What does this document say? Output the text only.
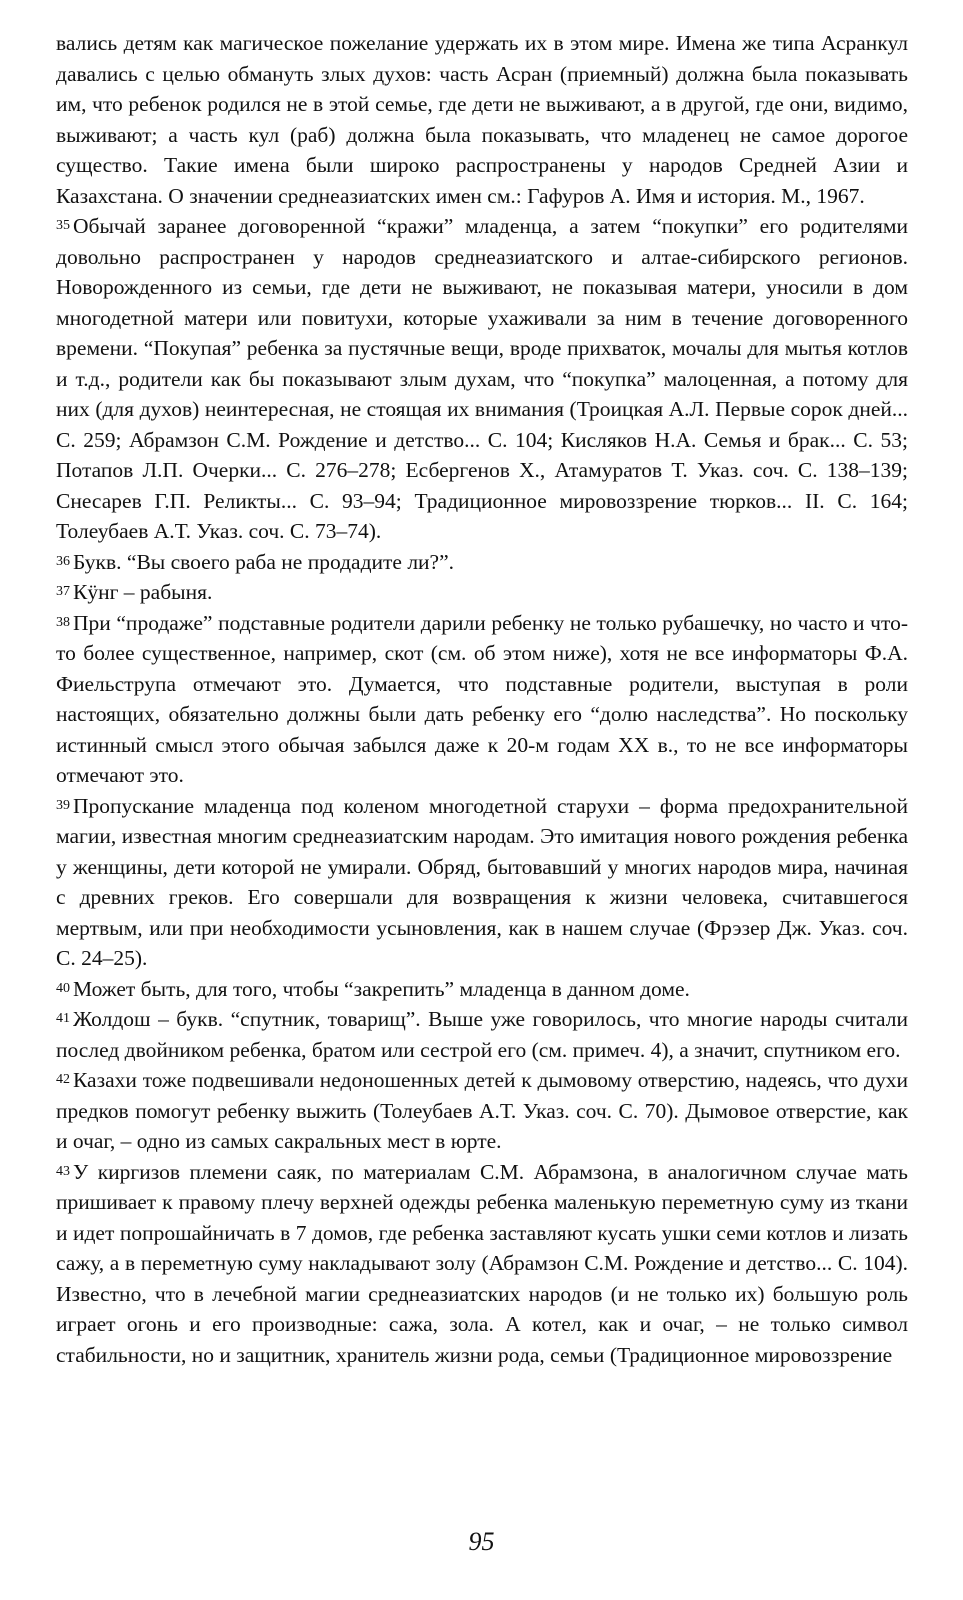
вались детям как магическое пожелание удержать их в этом мире. Имена же типа Асранкул давались с целью обмануть злых духов: часть Асран (приемный) должна была показывать им, что ребенок родился не в этой семье, где дети не выживают, а в другой, где они, видимо, выживают; а часть кул (раб) должна была показывать, что младенец не самое дорогое существо. Такие имена были широко распространены у народов Средней Азии и Казахстана. О значении среднеазиатских имен см.: Гафуров А. Имя и история. М., 1967.

35 Обычай заранее договоренной “кражи” младенца, а затем “покупки” его родителями довольно распространен у народов среднеазиатского и алтае-сибирского регионов. Новорожденного из семьи, где дети не выживают, не показывая матери, уносили в дом многодетной матери или повитухи, которые ухаживали за ним в течение договоренного времени. “Покупая” ребенка за пустячные вещи, вроде прихваток, мочалы для мытья котлов и т.д., родители как бы показывают злым духам, что “покупка” малоценная, а потому для них (для духов) неинтересная, не стоящая их внимания (Троицкая А.Л. Первые сорок дней... С. 259; Абрамзон С.М. Рождение и детство... С. 104; Кисляков Н.А. Семья и брак... С. 53; Потапов Л.П. Очерки... С. 276–278; Есбергенов Х., Атамуратов Т. Указ. соч. С. 138–139; Снесарев Г.П. Реликты... С. 93–94; Традиционное мировоззрение тюрков... II. С. 164; Толеубаев А.Т. Указ. соч. С. 73–74).
36 Букв. “Вы своего раба не продадите ли?”.
37 Кӱнг – рабыня.
38 При “продаже” подставные родители дарили ребенку не только рубашечку, но часто и что-то более существенное, например, скот (см. об этом ниже), хотя не все информаторы Ф.А. Фиельструпа отмечают это. Думается, что подставные родители, выступая в роли настоящих, обязательно должны были дать ребенку его “долю наследства”. Но поскольку истинный смысл этого обычая забылся даже к 20-м годам XX в., то не все информаторы отмечают это.
39 Пропускание младенца под коленом многодетной старухи – форма предохранительной магии, известная многим среднеазиатским народам. Это имитация нового рождения ребенка у женщины, дети которой не умирали. Обряд, бытовавший у многих народов мира, начиная с древних греков. Его совершали для возвращения к жизни человека, считавшегося мертвым, или при необходимости усыновления, как в нашем случае (Фрэзер Дж. Указ. соч. С. 24–25).
40 Может быть, для того, чтобы “закрепить” младенца в данном доме.
41 Жолдош – букв. “спутник, товарищ”. Выше уже говорилось, что многие народы считали послед двойником ребенка, братом или сестрой его (см. примеч. 4), а значит, спутником его.
42 Казахи тоже подвешивали недоношенных детей к дымовому отверстию, надеясь, что духи предков помогут ребенку выжить (Толеубаев А.Т. Указ. соч. С. 70). Дымовое отверстие, как и очаг, – одно из самых сакральных мест в юрте.
43 У киргизов племени саяк, по материалам С.М. Абрамзона, в аналогичном случае мать пришивает к правому плечу верхней одежды ребенка маленькую переметную суму из ткани и идет попрошайничать в 7 домов, где ребенка заставляют кусать ушки семи котлов и лизать сажу, а в переметную суму накладывают золу (Абрамзон С.М. Рождение и детство... С. 104). Известно, что в лечебной магии среднеазиатских народов (и не только их) большую роль играет огонь и его производные: сажа, зола. А котел, как и очаг, – не только символ стабильности, но и защитник, хранитель жизни рода, семьи (Традиционное мировоззрение
95
